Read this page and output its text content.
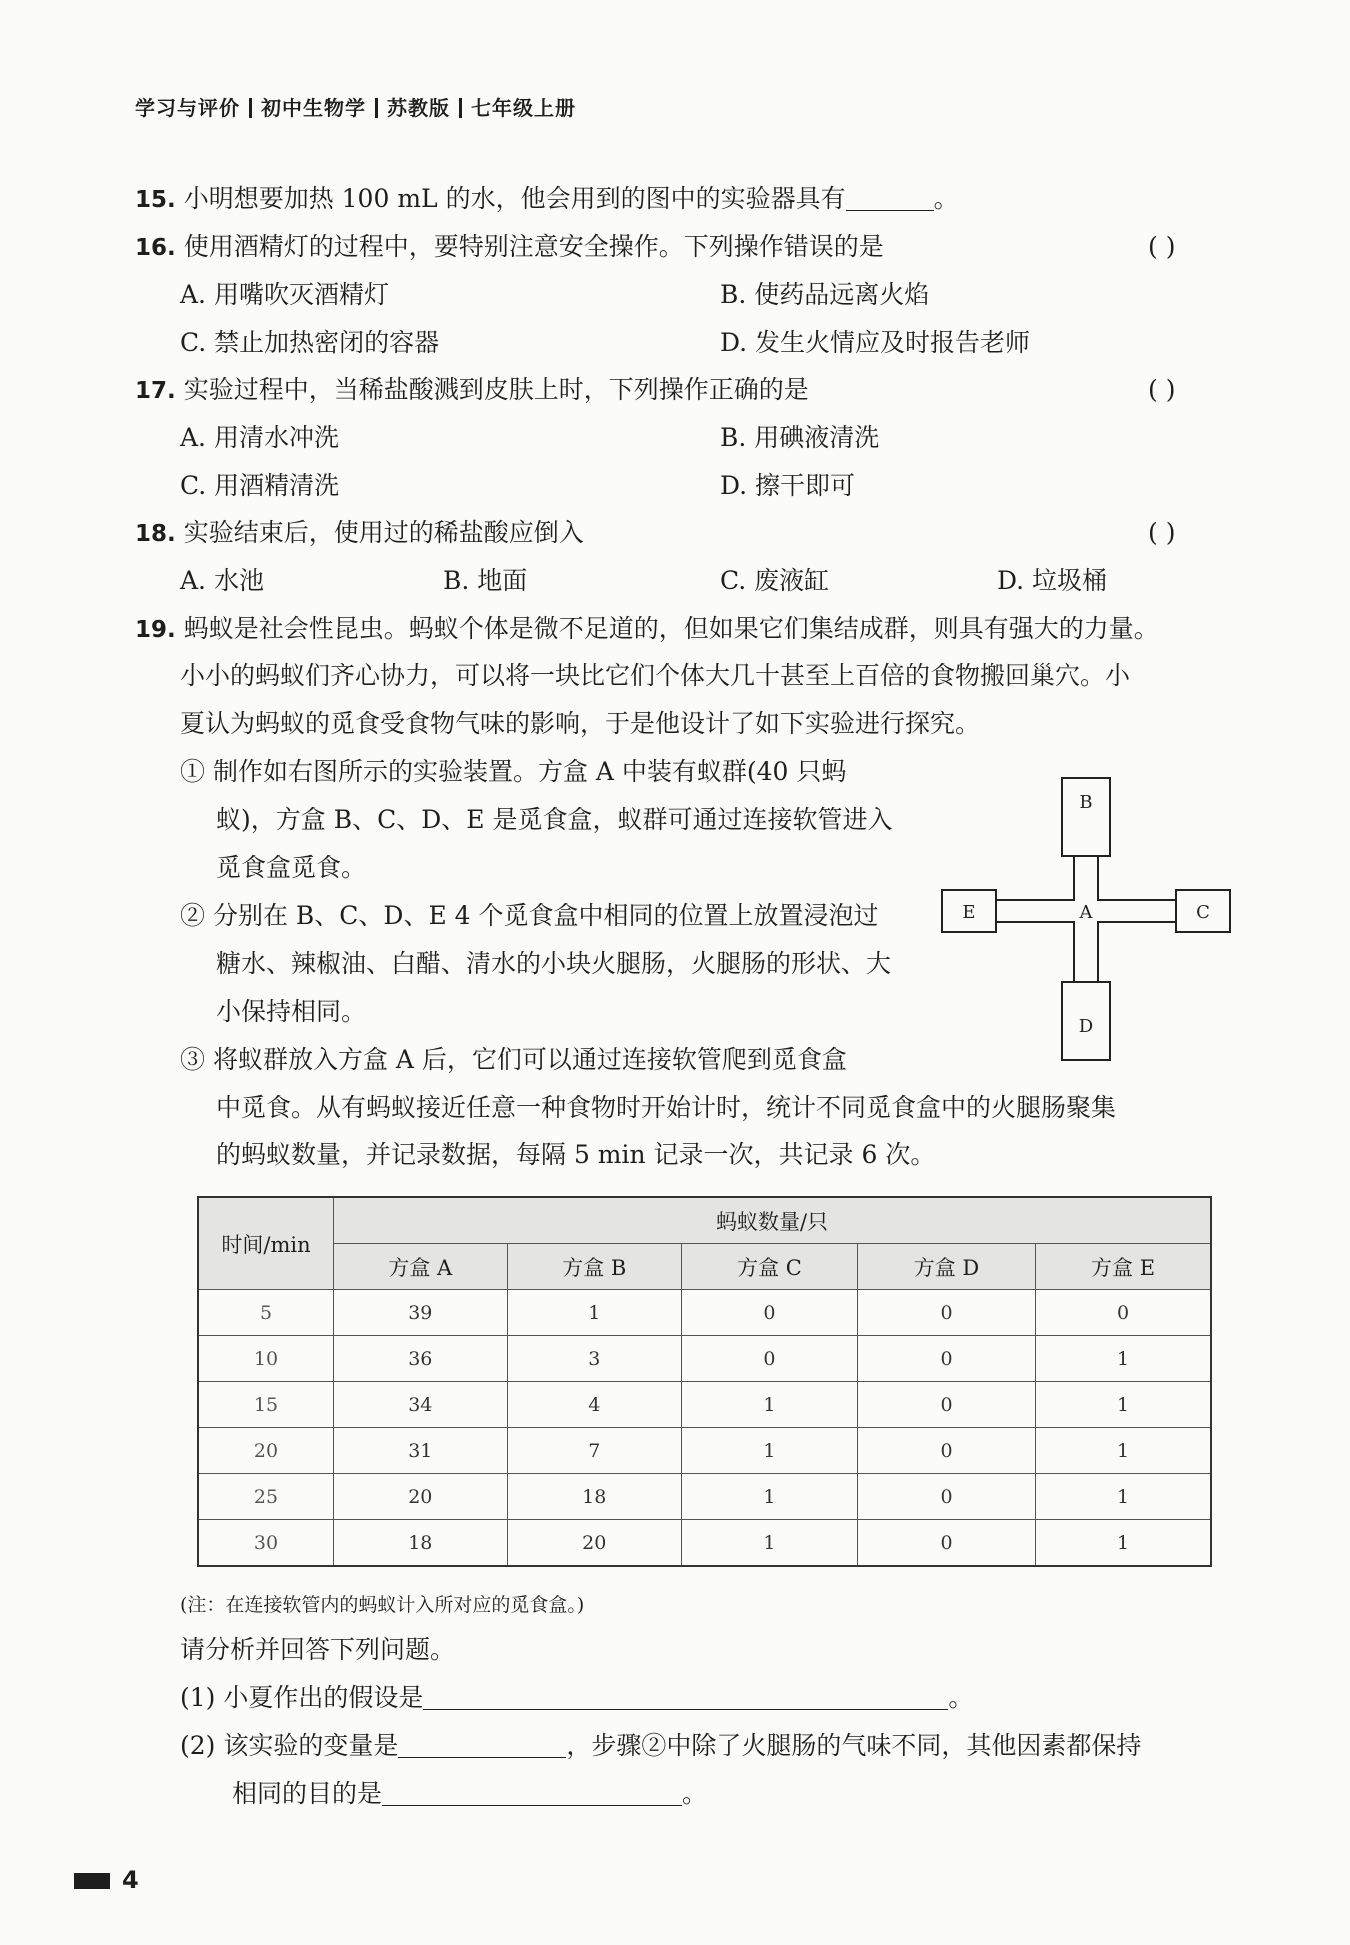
学习与评价 初中生物学 苏教版 七年级上册
15. 小明想要加热 100 mL 的水，他会用到的图中的实验器具有	。
16. 使用酒精灯的过程中，要特别注意安全操作。下列操作错误的是	( )
A. 用嘴吹灭酒精灯	B. 使药品远离火焰
C. 禁止加热密闭的容器	D. 发生火情应及时报告老师
17. 实验过程中，当稀盐酸溅到皮肤上时，下列操作正确的是	( )
A. 用清水冲洗	B. 用碘液清洗
C. 用酒精清洗	D. 擦干即可
18. 实验结束后，使用过的稀盐酸应倒入	( )
A. 水池	B. 地面	C. 废液缸	D. 垃圾桶
19. 蚂蚁是社会性昆虫。蚂蚁个体是微不足道的，但如果它们集结成群，则具有强大的力量。
小小的蚂蚁们齐心协力，可以将一块比它们个体大几十甚至上百倍的食物搬回巢穴。小
夏认为蚂蚁的觅食受食物气味的影响，于是他设计了如下实验进行探究。
① 制作如右图所示的实验装置。方盒 A 中装有蚁群(40 只蚂
蚁)，方盒 B、C、D、E 是觅食盒，蚁群可通过连接软管进入
觅食盒觅食。
② 分别在 B、C、D、E 4 个觅食盒中相同的位置上放置浸泡过
糖水、辣椒油、白醋、清水的小块火腿肠，火腿肠的形状、大
小保持相同。
③ 将蚁群放入方盒 A 后，它们可以通过连接软管爬到觅食盒
中觅食。从有蚂蚁接近任意一种食物时开始计时，统计不同觅食盒中的火腿肠聚集
的蚂蚁数量，并记录数据，每隔 5 min 记录一次，共记录 6 次。
A
B
C
D
E
时间/min	蚂蚁数量/只				
	方盒 A	方盒 B	方盒 C	方盒 D	方盒 E
5	39	1	0	0	0
10	36	3	0	0	1
15	34	4	1	0	1
20	31	7	1	0	1
25	20	18	1	0	1
30	18	20	1	0	1
(注：在连接软管内的蚂蚁计入所对应的觅食盒。)
请分析并回答下列问题。
(1) 小夏作出的假设是	。
(2) 该实验的变量是	，步骤②中除了火腿肠的气味不同，其他因素都保持
相同的目的是	。
4
